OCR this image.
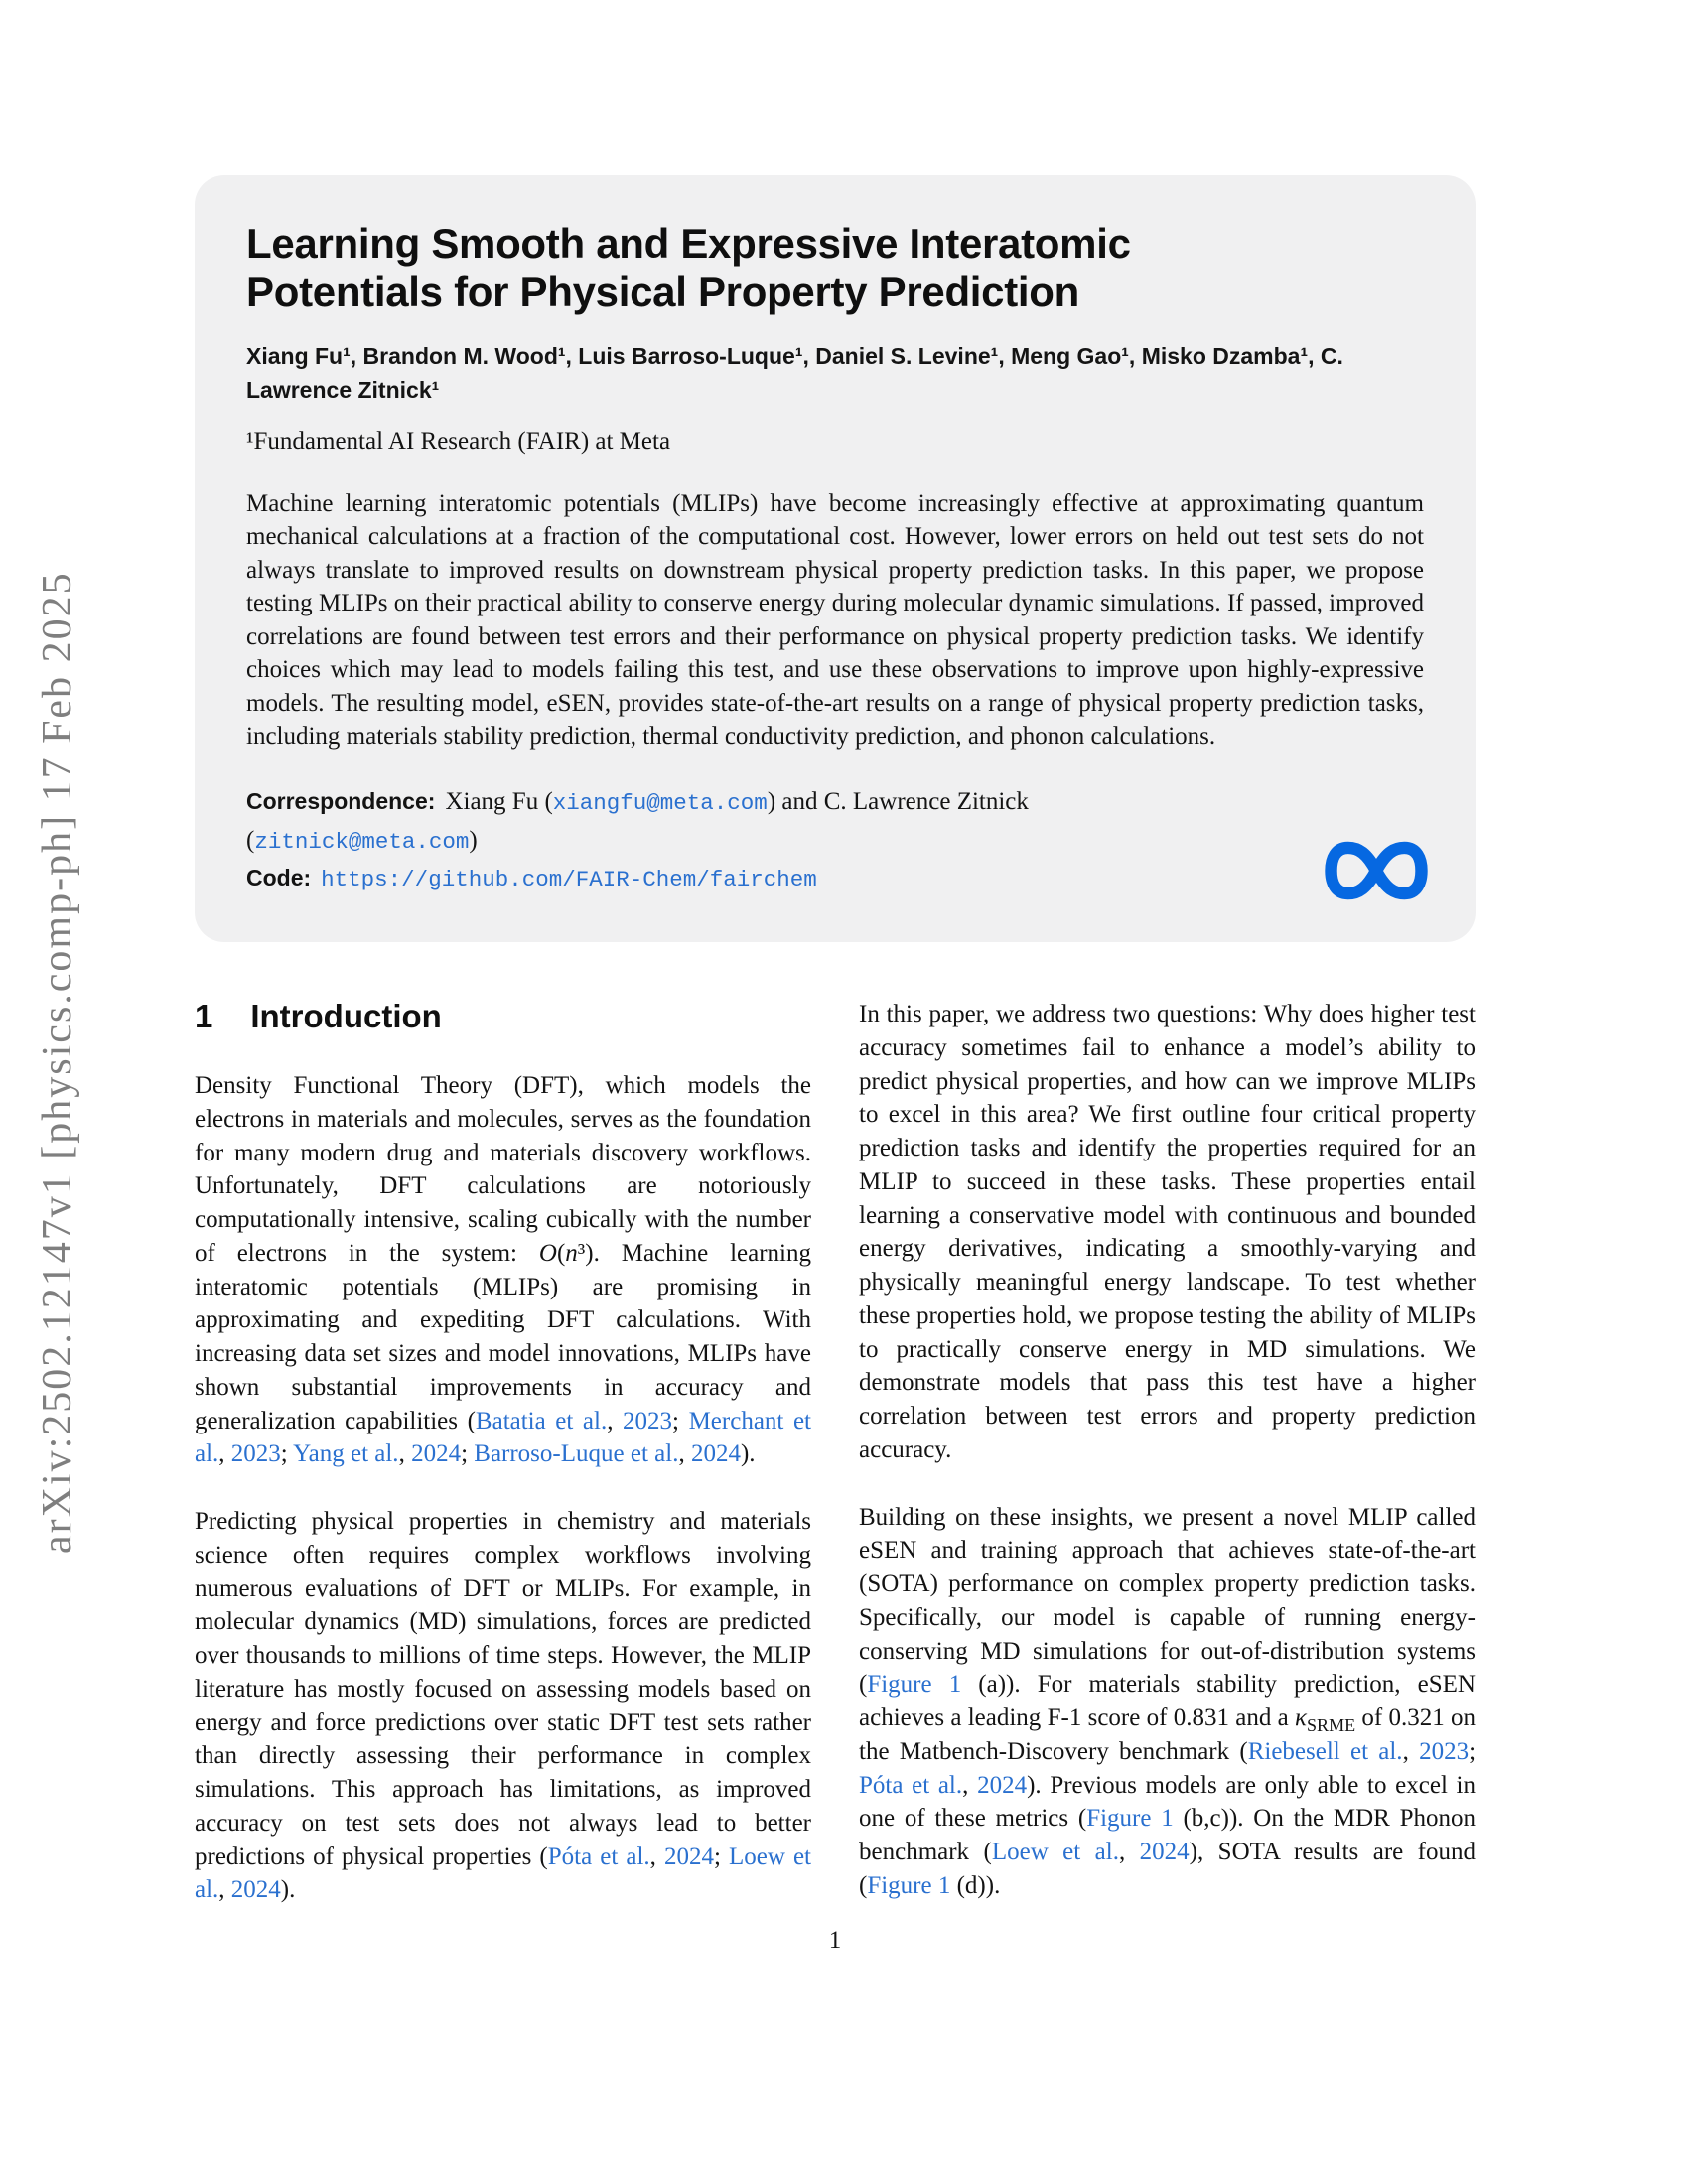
arXiv:2502.12147v1 [physics.comp-ph] 17 Feb 2025
Learning Smooth and Expressive Interatomic Potentials for Physical Property Prediction
Xiang Fu¹, Brandon M. Wood¹, Luis Barroso-Luque¹, Daniel S. Levine¹, Meng Gao¹, Misko Dzamba¹, C. Lawrence Zitnick¹
¹Fundamental AI Research (FAIR) at Meta

Machine learning interatomic potentials (MLIPs) have become increasingly effective at approximating quantum mechanical calculations at a fraction of the computational cost. However, lower errors on held out test sets do not always translate to improved results on downstream physical property prediction tasks. In this paper, we propose testing MLIPs on their practical ability to conserve energy during molecular dynamic simulations. If passed, improved correlations are found between test errors and their performance on physical property prediction tasks. We identify choices which may lead to models failing this test, and use these observations to improve upon highly-expressive models. The resulting model, eSEN, provides state-of-the-art results on a range of physical property prediction tasks, including materials stability prediction, thermal conductivity prediction, and phonon calculations.

Correspondence: Xiang Fu (xiangfu@meta.com) and C. Lawrence Zitnick (zitnick@meta.com)
Code: https://github.com/FAIR-Chem/fairchem
1 Introduction

Density Functional Theory (DFT), which models the electrons in materials and molecules, serves as the foundation for many modern drug and materials discovery workflows. Unfortunately, DFT calculations are notoriously computationally intensive, scaling cubically with the number of electrons in the system: O(n³). Machine learning interatomic potentials (MLIPs) are promising in approximating and expediting DFT calculations. With increasing data set sizes and model innovations, MLIPs have shown substantial improvements in accuracy and generalization capabilities (Batatia et al., 2023; Merchant et al., 2023; Yang et al., 2024; Barroso-Luque et al., 2024).

Predicting physical properties in chemistry and materials science often requires complex workflows involving numerous evaluations of DFT or MLIPs. For example, in molecular dynamics (MD) simulations, forces are predicted over thousands to millions of time steps. However, the MLIP literature has mostly focused on assessing models based on energy and force predictions over static DFT test sets rather than directly assessing their performance in complex simulations. This approach has limitations, as improved accuracy on test sets does not always lead to better predictions of physical properties (Póta et al., 2024; Loew et al., 2024).

In this paper, we address two questions: Why does higher test accuracy sometimes fail to enhance a model’s ability to predict physical properties, and how can we improve MLIPs to excel in this area? We first outline four critical property prediction tasks and identify the properties required for an MLIP to succeed in these tasks. These properties entail learning a conservative model with continuous and bounded energy derivatives, indicating a smoothly-varying and physically meaningful energy landscape. To test whether these properties hold, we propose testing the ability of MLIPs to practically conserve energy in MD simulations. We demonstrate models that pass this test have a higher correlation between test errors and property prediction accuracy.

Building on these insights, we present a novel MLIP called eSEN and training approach that achieves state-of-the-art (SOTA) performance on complex property prediction tasks. Specifically, our model is capable of running energy-conserving MD simulations for out-of-distribution systems (Figure 1 (a)). For materials stability prediction, eSEN achieves a leading F-1 score of 0.831 and a $\kappa_{SRME}$ of 0.321 on the Matbench-Discovery benchmark (Riebesell et al., 2023; Póta et al., 2024). Previous models are only able to excel in one of these metrics (Figure 1 (b,c)). On the MDR Phonon benchmark (Loew et al., 2024), SOTA results are found (Figure 1 (d)).

1
